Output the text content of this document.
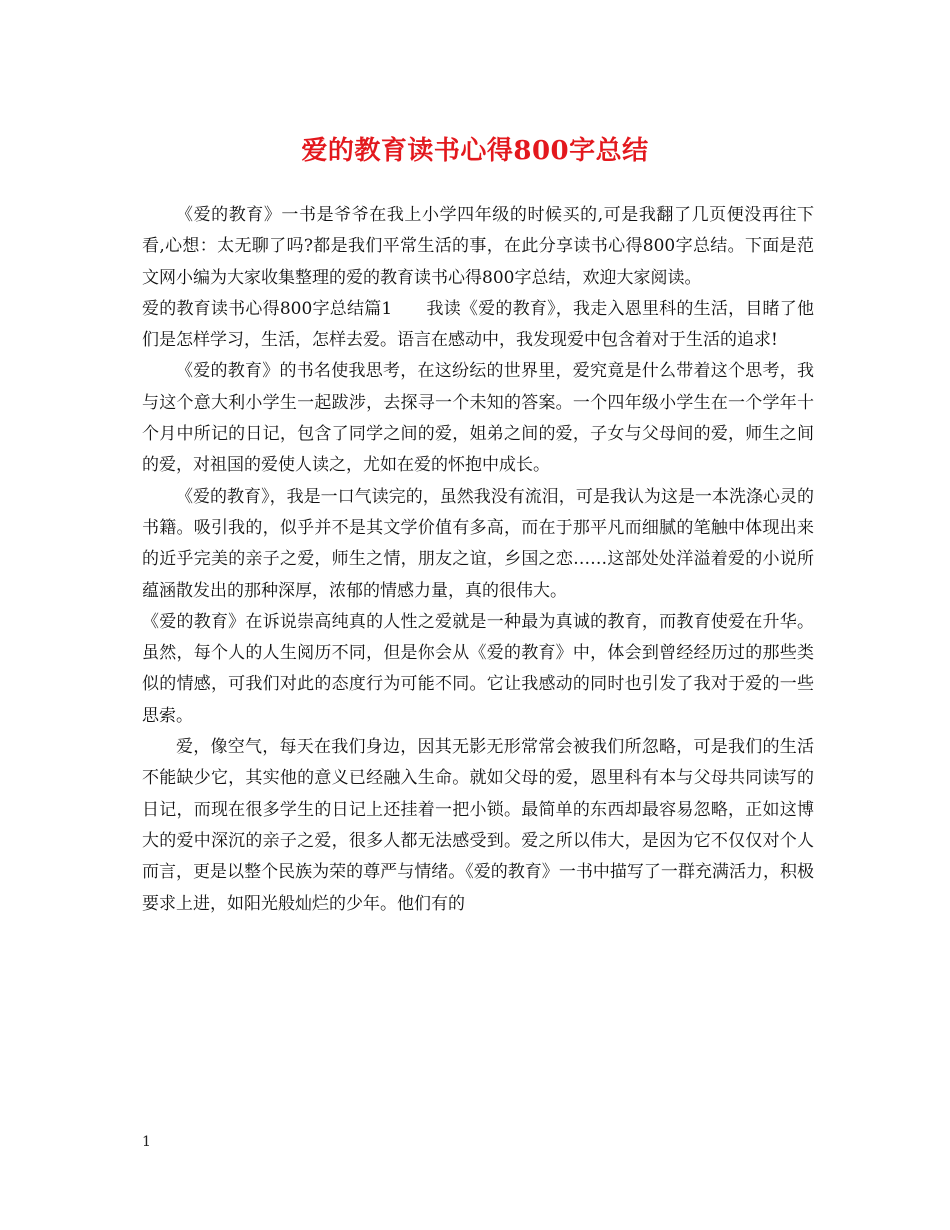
爱的教育读书心得800字总结

《爱的教育》一书是爷爷在我上小学四年级的时候买的,可是我翻了几页便没再往下看,心想：太无聊了吗?都是我们平常生活的事，在此分享读书心得800字总结。下面是范文网小编为大家收集整理的爱的教育读书心得800字总结，欢迎大家阅读。

爱的教育读书心得800字总结篇1 我读《爱的教育》，我走入恩里科的生活，目睹了他们是怎样学习，生活，怎样去爱。语言在感动中，我发现爱中包含着对于生活的追求!

《爱的教育》的书名使我思考，在这纷纭的世界里，爱究竟是什么带着这个思考，我与这个意大利小学生一起跋涉，去探寻一个未知的答案。一个四年级小学生在一个学年十个月中所记的日记，包含了同学之间的爱，姐弟之间的爱，子女与父母间的爱，师生之间的爱，对祖国的爱使人读之，尤如在爱的怀抱中成长。

《爱的教育》，我是一口气读完的，虽然我没有流泪，可是我认为这是一本洗涤心灵的书籍。吸引我的，似乎并不是其文学价值有多高，而在于那平凡而细腻的笔触中体现出来的近乎完美的亲子之爱，师生之情，朋友之谊，乡国之恋……这部处处洋溢着爱的小说所蕴涵散发出的那种深厚，浓郁的情感力量，真的很伟大。

《爱的教育》在诉说崇高纯真的人性之爱就是一种最为真诚的教育，而教育使爱在升华。虽然，每个人的人生阅历不同，但是你会从《爱的教育》中，体会到曾经经历过的那些类似的情感，可我们对此的态度行为可能不同。它让我感动的同时也引发了我对于爱的一些思索。

爱，像空气，每天在我们身边，因其无影无形常常会被我们所忽略，可是我们的生活不能缺少它，其实他的意义已经融入生命。就如父母的爱，恩里科有本与父母共同读写的日记，而现在很多学生的日记上还挂着一把小锁。最简单的东西却最容易忽略，正如这博大的爱中深沉的亲子之爱，很多人都无法感受到。爱之所以伟大，是因为它不仅仅对个人而言，更是以整个民族为荣的尊严与情绪。《爱的教育》一书中描写了一群充满活力，积极要求上进，如阳光般灿烂的少年。他们有的

1
